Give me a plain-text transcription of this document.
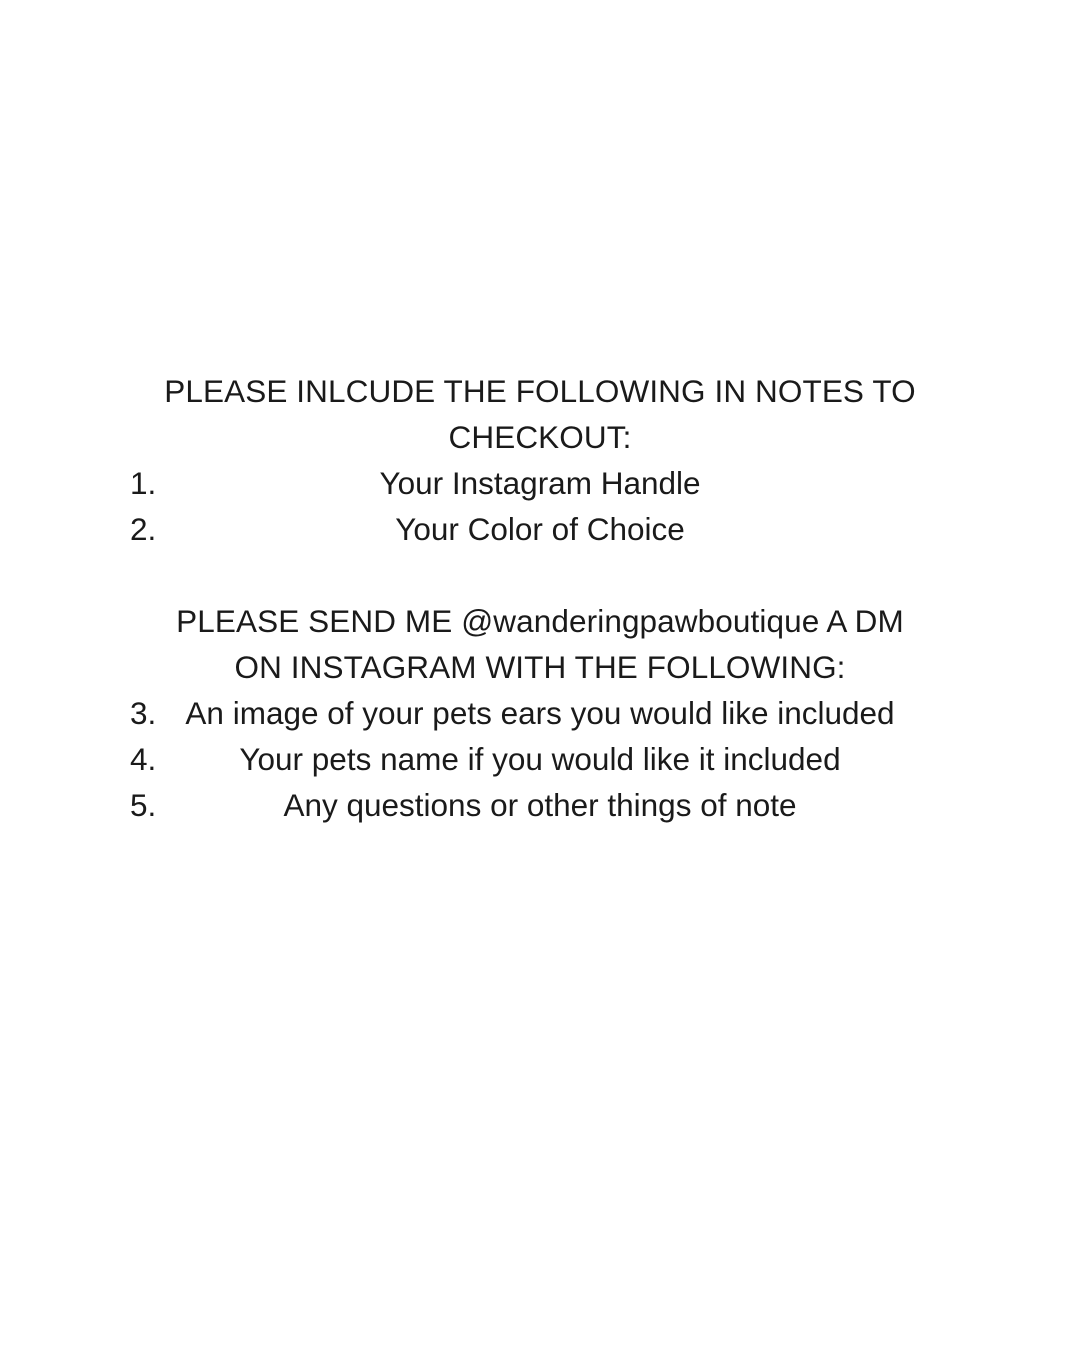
PLEASE INLCUDE THE FOLLOWING IN NOTES TO

CHECKOUT:

1.	Your Instagram Handle
2.	Your Color of Choice

PLEASE SEND ME @wanderingpawboutique A DM

ON INSTAGRAM WITH THE FOLLOWING:

3. An image of your pets ears you would like included
4.	Your pets name if you would like it included
5.	Any questions or other things of note
